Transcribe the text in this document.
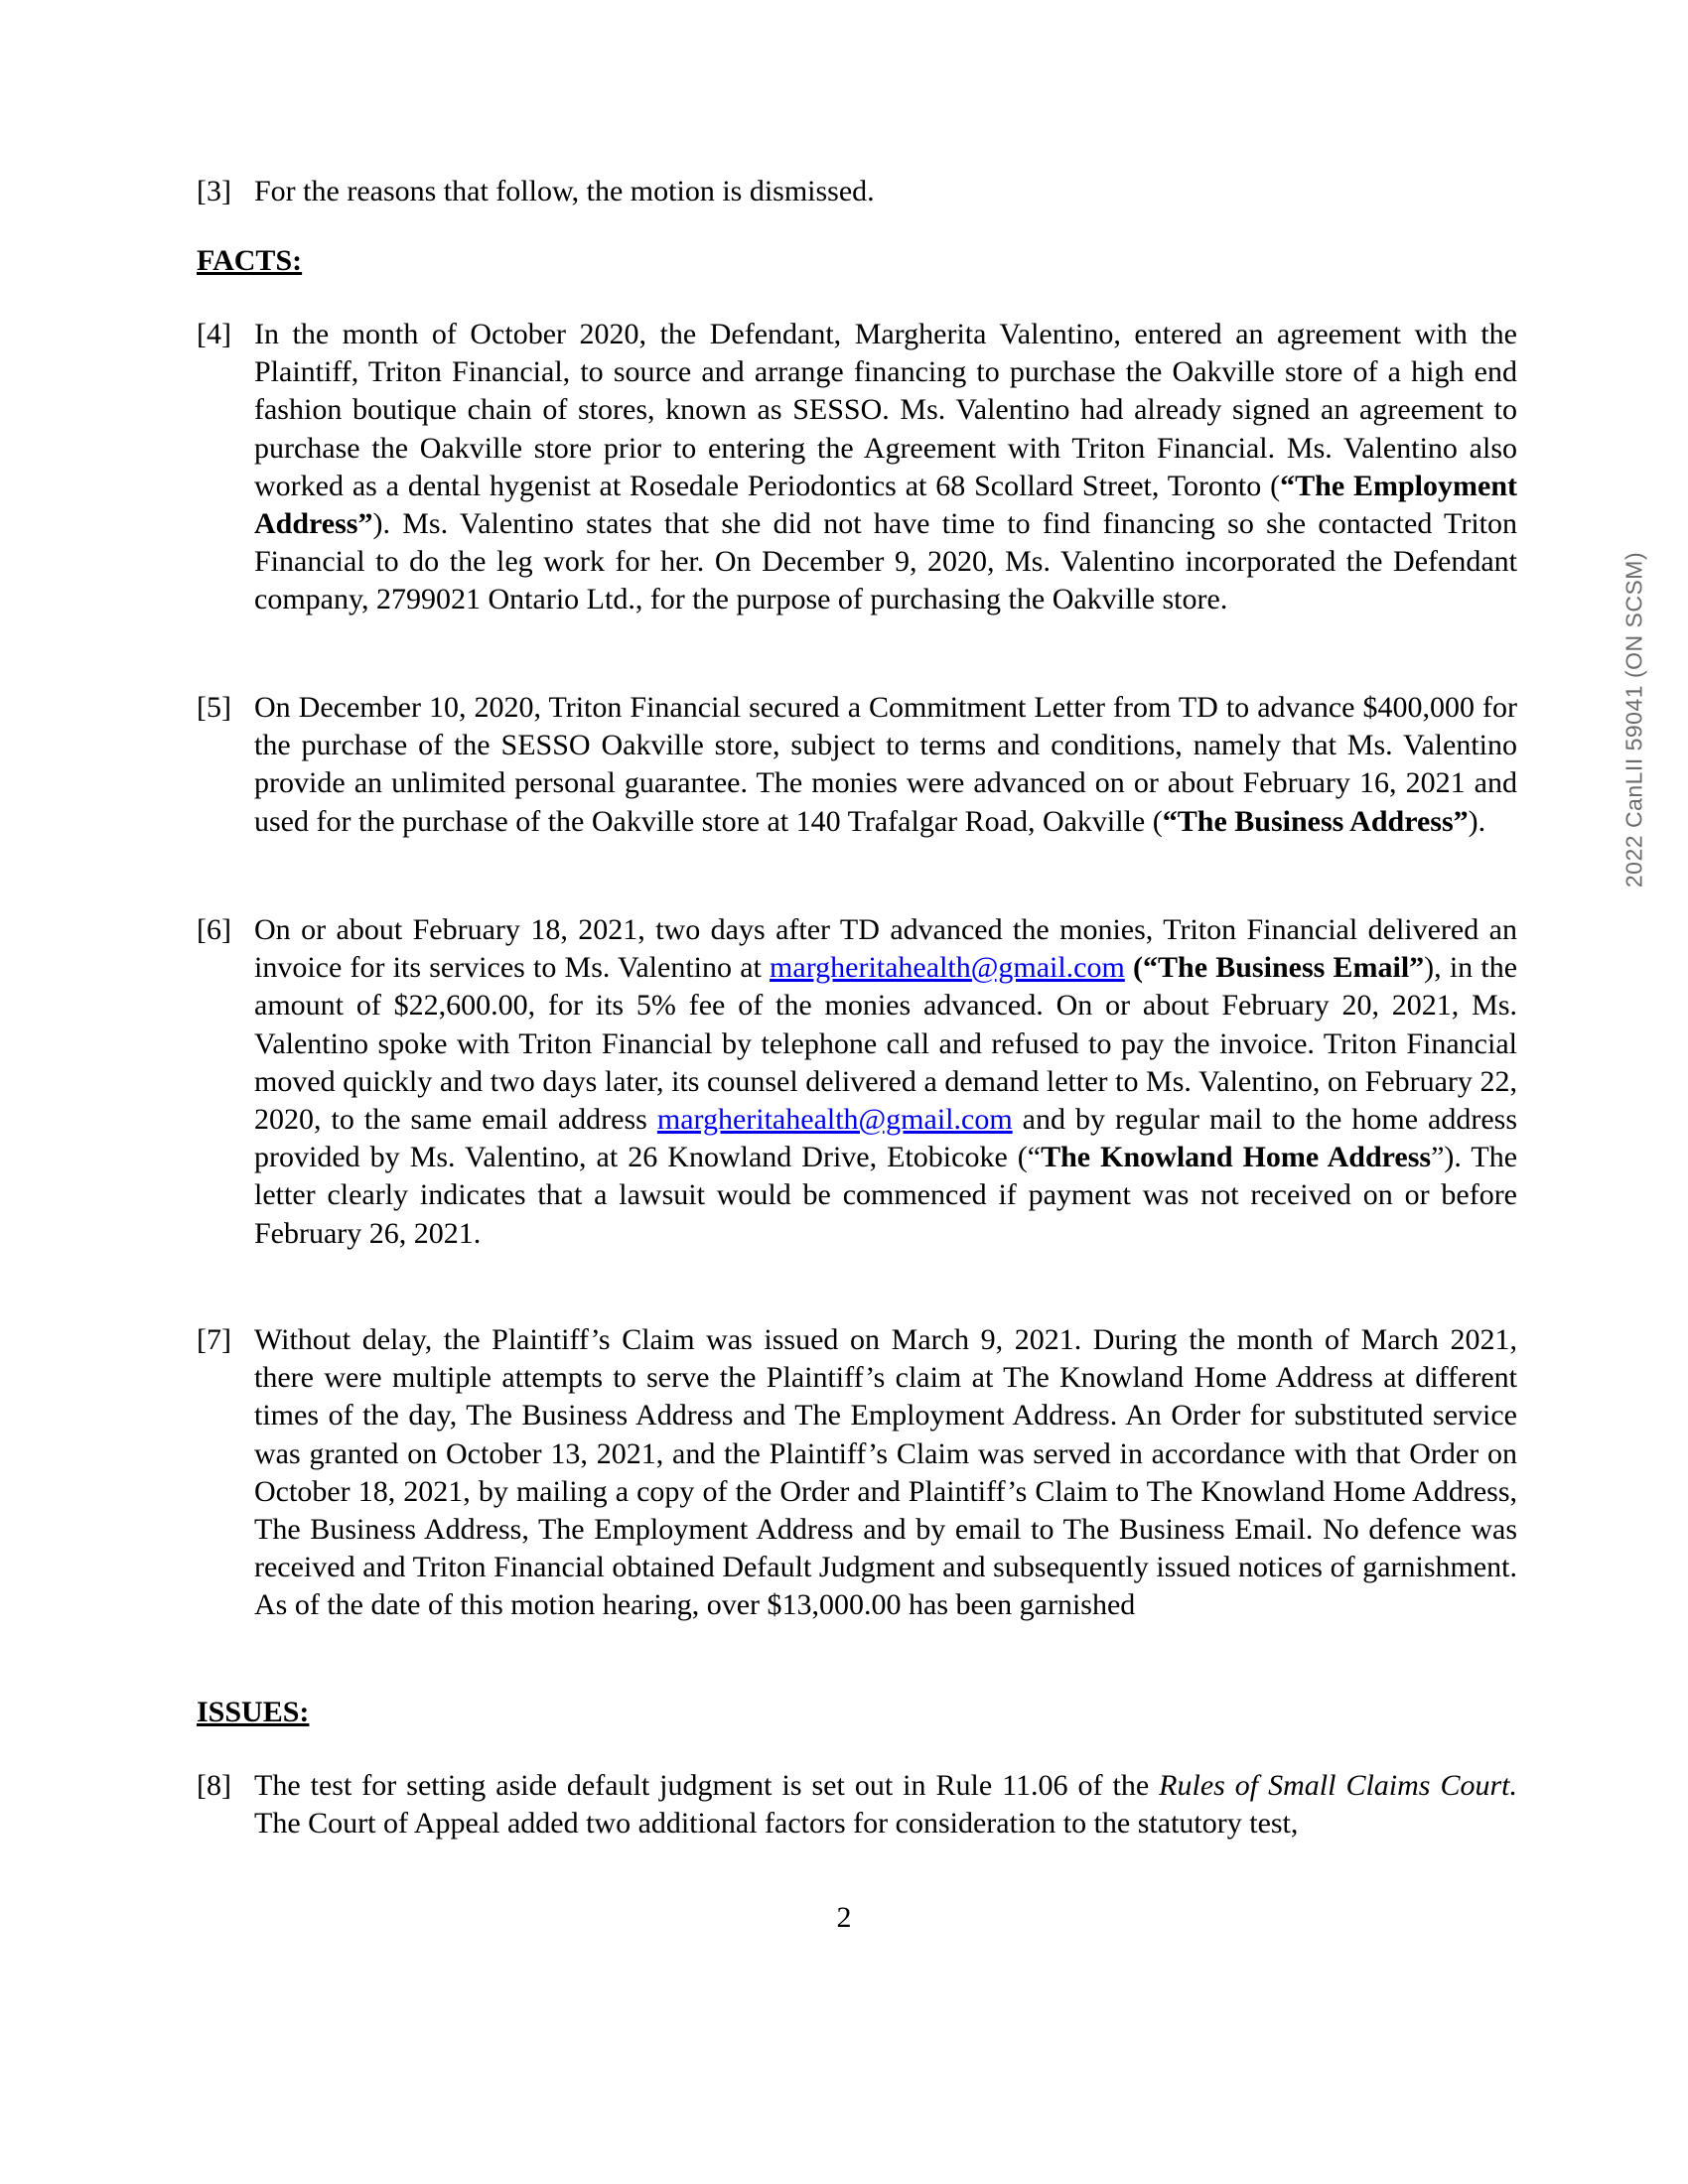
2022 CanLII 59041 (ON SCSM)
[3] For the reasons that follow, the motion is dismissed.
FACTS:
[4] In the month of October 2020, the Defendant, Margherita Valentino, entered an agreement with the Plaintiff, Triton Financial, to source and arrange financing to purchase the Oakville store of a high end fashion boutique chain of stores, known as SESSO. Ms. Valentino had already signed an agreement to purchase the Oakville store prior to entering the Agreement with Triton Financial. Ms. Valentino also worked as a dental hygenist at Rosedale Periodontics at 68 Scollard Street, Toronto (“The Employment Address”). Ms. Valentino states that she did not have time to find financing so she contacted Triton Financial to do the leg work for her. On December 9, 2020, Ms. Valentino incorporated the Defendant company, 2799021 Ontario Ltd., for the purpose of purchasing the Oakville store.
[5] On December 10, 2020, Triton Financial secured a Commitment Letter from TD to advance $400,000 for the purchase of the SESSO Oakville store, subject to terms and conditions, namely that Ms. Valentino provide an unlimited personal guarantee. The monies were advanced on or about February 16, 2021 and used for the purchase of the Oakville store at 140 Trafalgar Road, Oakville (“The Business Address”).
[6] On or about February 18, 2021, two days after TD advanced the monies, Triton Financial delivered an invoice for its services to Ms. Valentino at margheritahealth@gmail.com (“The Business Email”), in the amount of $22,600.00, for its 5% fee of the monies advanced. On or about February 20, 2021, Ms. Valentino spoke with Triton Financial by telephone call and refused to pay the invoice. Triton Financial moved quickly and two days later, its counsel delivered a demand letter to Ms. Valentino, on February 22, 2020, to the same email address margheritahealth@gmail.com and by regular mail to the home address provided by Ms. Valentino, at 26 Knowland Drive, Etobicoke (“The Knowland Home Address”). The letter clearly indicates that a lawsuit would be commenced if payment was not received on or before February 26, 2021.
[7] Without delay, the Plaintiff’s Claim was issued on March 9, 2021. During the month of March 2021, there were multiple attempts to serve the Plaintiff’s claim at The Knowland Home Address at different times of the day, The Business Address and The Employment Address. An Order for substituted service was granted on October 13, 2021, and the Plaintiff’s Claim was served in accordance with that Order on October 18, 2021, by mailing a copy of the Order and Plaintiff’s Claim to The Knowland Home Address, The Business Address, The Employment Address and by email to The Business Email. No defence was received and Triton Financial obtained Default Judgment and subsequently issued notices of garnishment. As of the date of this motion hearing, over $13,000.00 has been garnished
ISSUES:
[8] The test for setting aside default judgment is set out in Rule 11.06 of the Rules of Small Claims Court. The Court of Appeal added two additional factors for consideration to the statutory test,
2
